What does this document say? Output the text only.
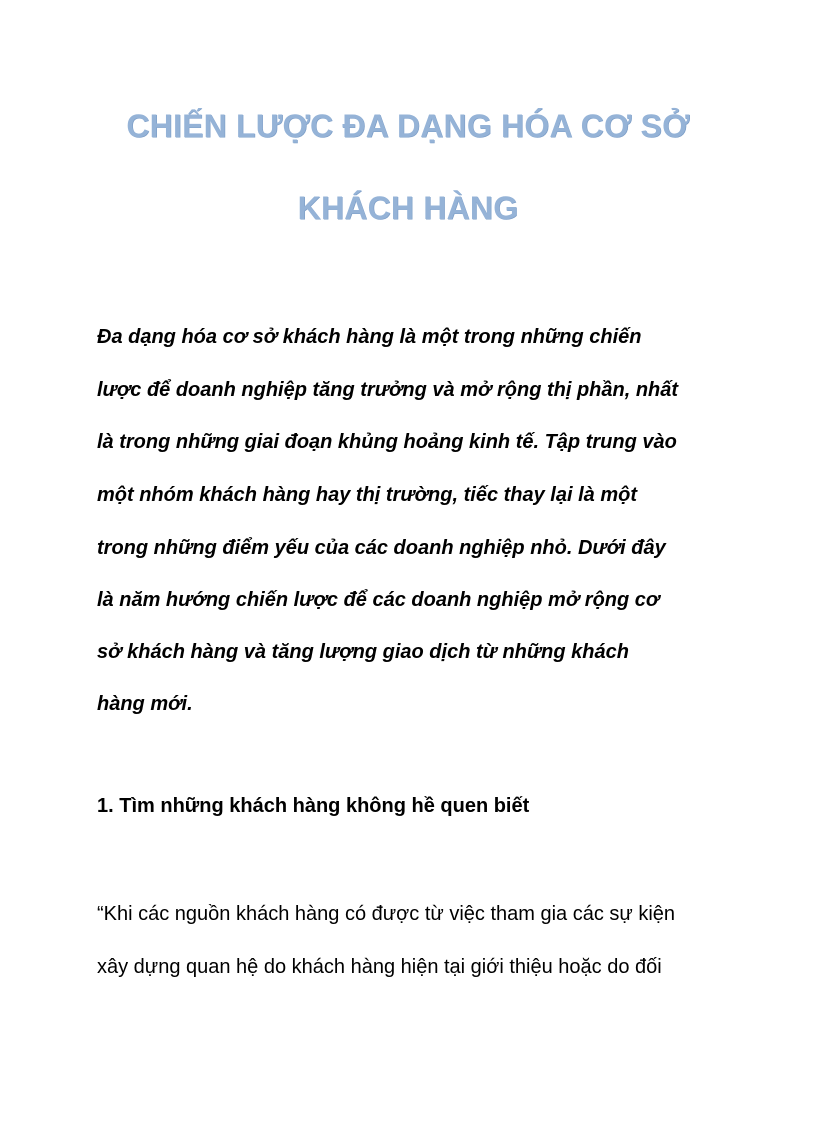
CHIẾN LƯỢC ĐA DẠNG HÓA CƠ SỞ
KHÁCH HÀNG
Đa dạng hóa cơ sở khách hàng là một trong những chiến
lược để doanh nghiệp tăng trưởng và mở rộng thị phần, nhất
là trong những giai đoạn khủng hoảng kinh tế. Tập trung vào
một nhóm khách hàng hay thị trường, tiếc thay lại là một
trong những điểm yếu của các doanh nghiệp nhỏ. Dưới đây
là năm hướng chiến lược để các doanh nghiệp mở rộng cơ
sở khách hàng và tăng lượng giao dịch từ những khách
hàng mới.
1. Tìm những khách hàng không hề quen biết
“Khi các nguồn khách hàng có được từ việc tham gia các sự kiện
xây dựng quan hệ do khách hàng hiện tại giới thiệu hoặc do đối
